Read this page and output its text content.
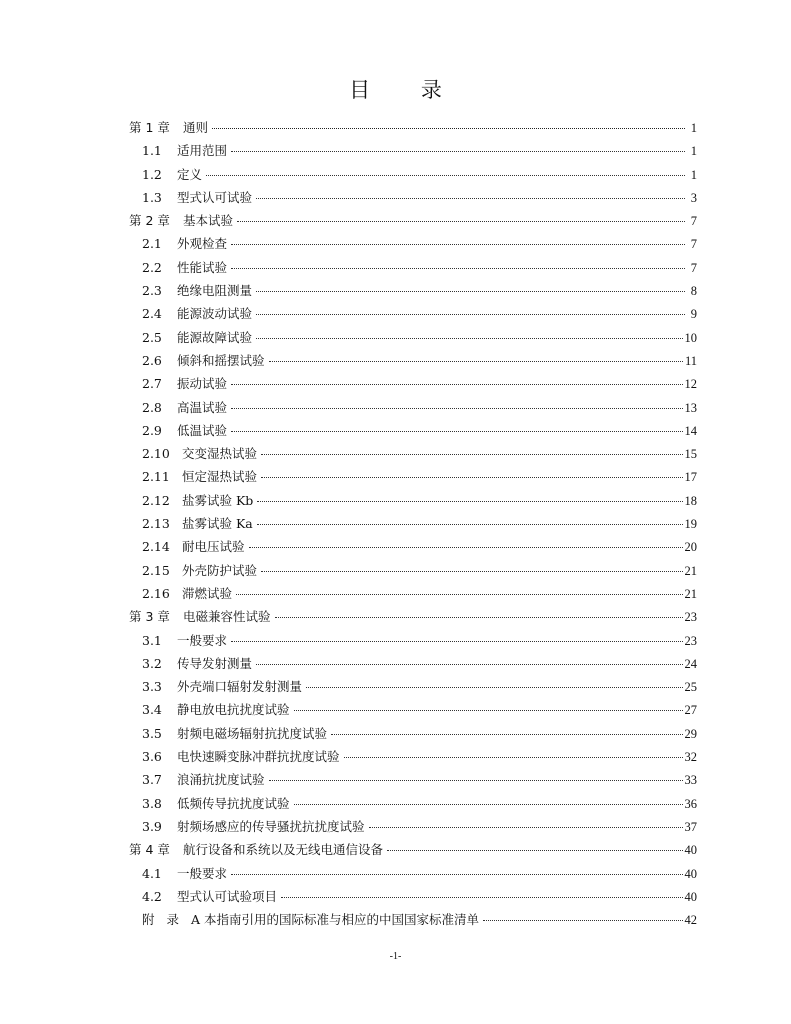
目 录
第 1 章	通则	1
1.1	适用范围	1
1.2	定义	1
1.3	型式认可试验	3
第 2 章	基本试验	7
2.1	外观检查	7
2.2	性能试验	7
2.3	绝缘电阻测量	8
2.4	能源波动试验	9
2.5	能源故障试验	10
2.6	倾斜和摇摆试验	11
2.7	振动试验	12
2.8	高温试验	13
2.9	低温试验	14
2.10 交变湿热试验	15
2.11 恒定湿热试验	17
2.12 盐雾试验 Kb	18
2.13 盐雾试验 Ka	19
2.14 耐电压试验	20
2.15 外壳防护试验	21
2.16 滞燃试验	21
第 3 章	电磁兼容性试验	23
3.1	一般要求	23
3.2	传导发射测量	24
3.3	外壳端口辐射发射测量	25
3.4	静电放电抗扰度试验	27
3.5	射频电磁场辐射抗扰度试验	29
3.6	电快速瞬变脉冲群抗扰度试验	32
3.7	浪涌抗扰度试验	33
3.8	低频传导抗扰度试验	36
3.9	射频场感应的传导骚扰抗扰度试验	37
第 4 章	航行设备和系统以及无线电通信设备	40
4.1	一般要求	40
4.2	型式认可试验项目	40
附 录 A 本指南引用的国际标准与相应的中国国家标准清单	42
-1-
